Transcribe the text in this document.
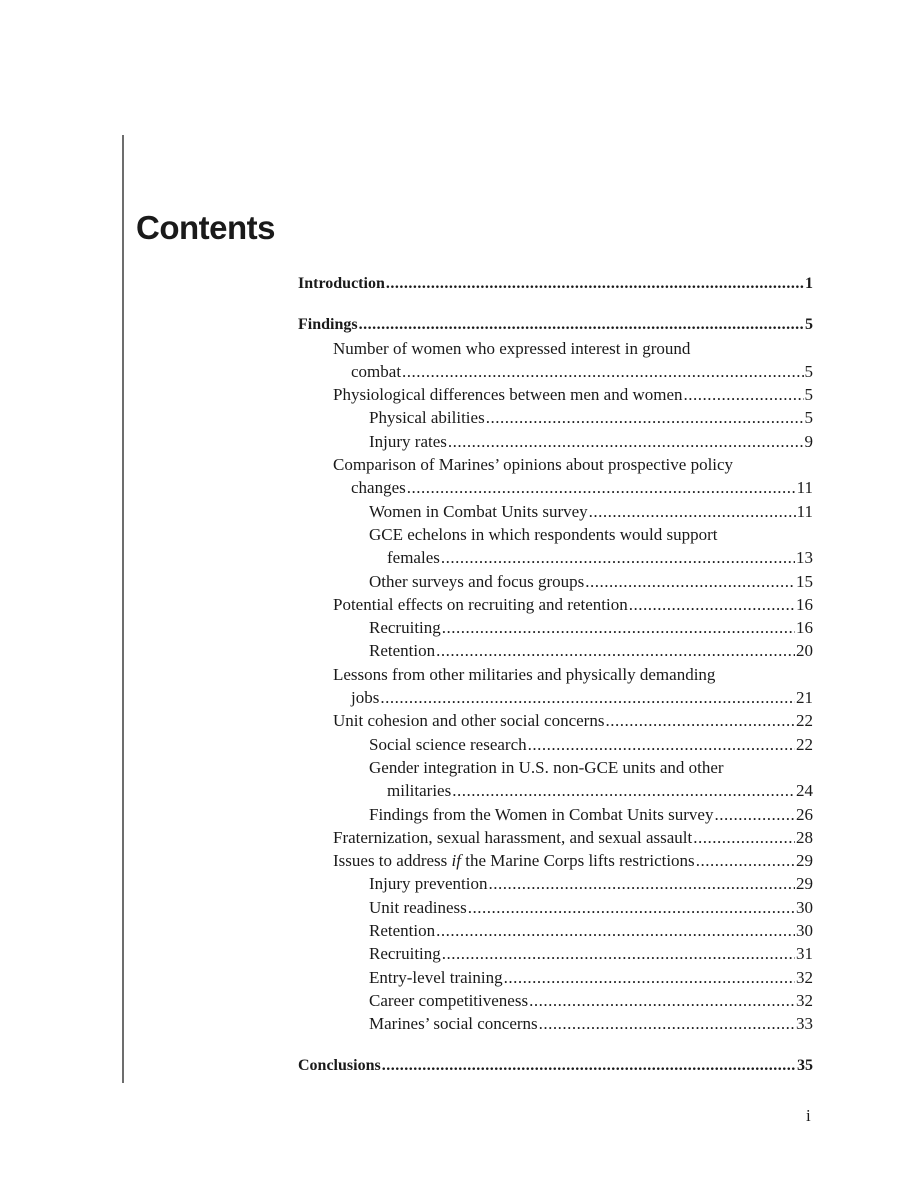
Contents
Introduction .....	1
Findings .....	5
Number of women who expressed interest in ground
combat .....	5
Physiological differences between men and women .....	5
Physical abilities .....	5
Injury rates .....	9
Comparison of Marines’ opinions about prospective policy
changes .....	11
Women in Combat Units survey .....	11
GCE echelons in which respondents would support
females .....	13
Other surveys and focus groups .....	15
Potential effects on recruiting and retention .....	16
Recruiting .....	16
Retention .....	20
Lessons from other militaries and physically demanding
jobs .....	21
Unit cohesion and other social concerns .....	22
Social science research .....	22
Gender integration in U.S. non-GCE units and other
militaries .....	24
Findings from the Women in Combat Units survey .....	26
Fraternization, sexual harassment, and sexual assault .....	28
Issues to address if the Marine Corps lifts restrictions .....	29
Injury prevention .....	29
Unit readiness .....	30
Retention .....	30
Recruiting .....	31
Entry-level training .....	32
Career competitiveness .....	32
Marines’ social concerns .....	33
Conclusions .....	35
i
